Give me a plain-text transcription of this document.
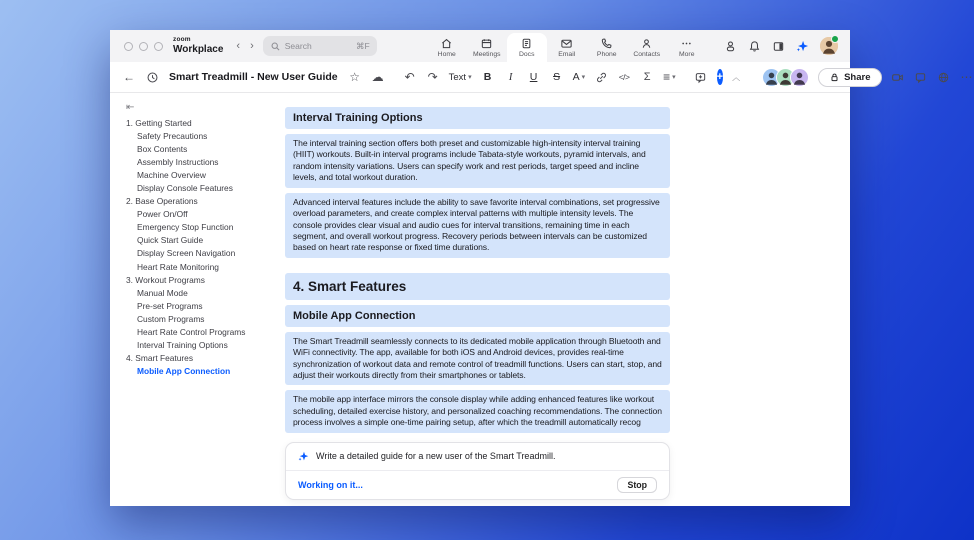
zoom
Workplace	‹ ›	Search	⌘F
Home	Meetings	Docs	Email	Phone Contacts	More
←	Smart Treadmill - New User Guide ☆ ☁ ↶ ↷ Text ▾	B	I	U	S	A ▾	</>	Σ ≡ ▾	+ ︿	Share	⋯
⇤
1. Getting Started
Safety Precautions
Box Contents
Assembly Instructions
Machine Overview
Display Console Features
2. Base Operations
Power On/Off
Emergency Stop Function
Quick Start Guide
Display Screen Navigation
Heart Rate Monitoring
3. Workout Programs
Manual Mode
Pre-set Programs
Custom Programs
Heart Rate Control Programs
Interval Training Options
4. Smart Features
Mobile App Connection
Interval Training Options
The interval training section offers both preset and customizable high-intensity interval training (HIIT) workouts. Built-in interval programs include Tabata-style workouts, pyramid intervals, and random intensity variations. Users can specify work and rest periods, target speed and incline levels, and total workout duration.
Advanced interval features include the ability to save favorite interval combinations, set progressive overload parameters, and create complex interval patterns with multiple intensity levels. The console provides clear visual and audio cues for interval transitions, remaining time in each segment, and overall workout progress. Recovery periods between intervals can be customized based on heart rate response or fixed time durations.
4. Smart Features
Mobile App Connection
The Smart Treadmill seamlessly connects to its dedicated mobile application through Bluetooth and WiFi connectivity. The app, available for both iOS and Android devices, provides real-time synchronization of workout data and remote control of treadmill functions. Users can start, stop, and adjust their workouts directly from their smartphones or tablets.
The mobile app interface mirrors the console display while adding enhanced features like workout scheduling, detailed exercise history, and personalized coaching recommendations. The connection process involves a simple one-time pairing setup, after which the treadmill automatically recog
Write a detailed guide for a new user of the Smart Treadmill.
Working on it...	Stop
